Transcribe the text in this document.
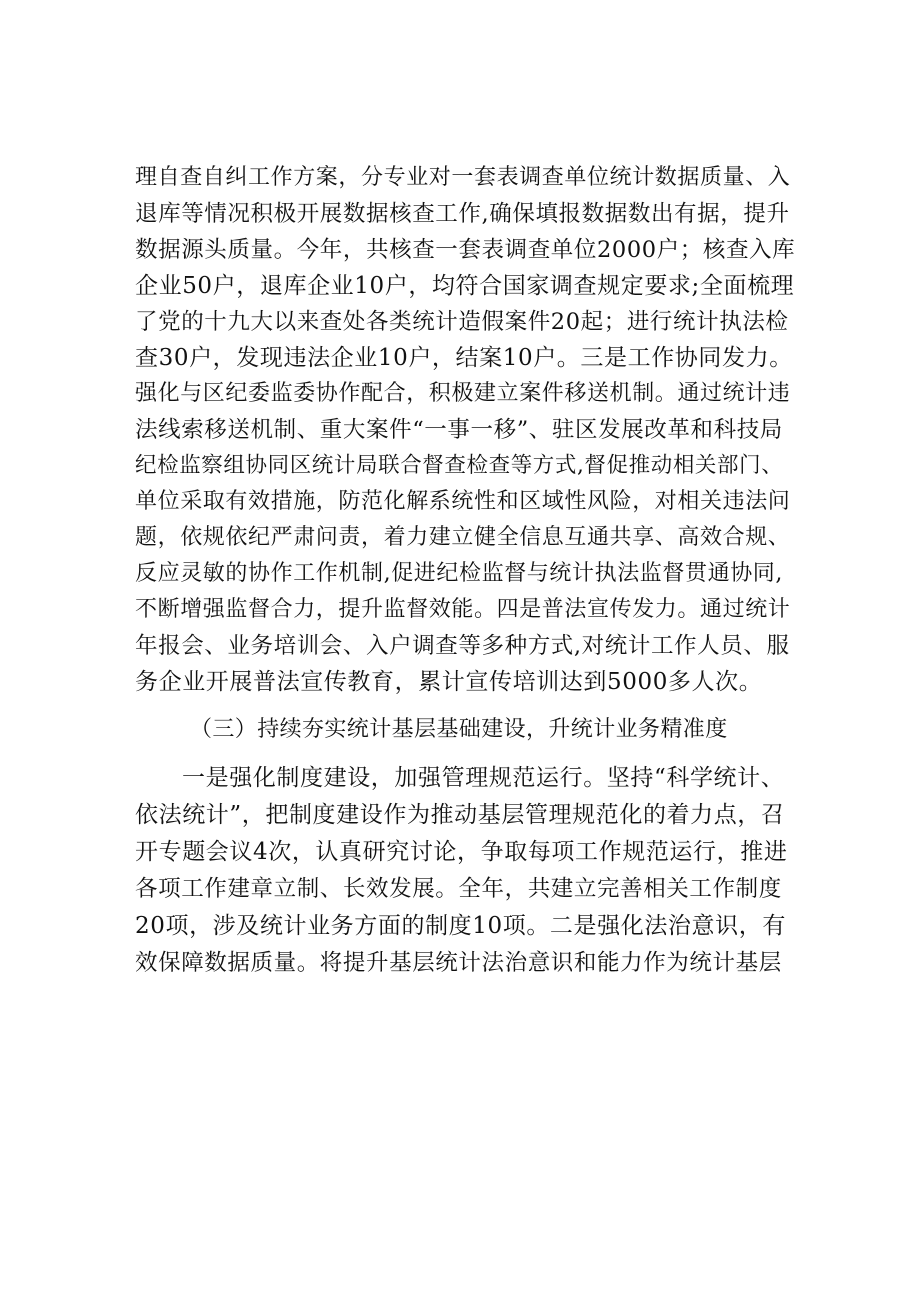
理自查自纠工作方案，分专业对一套表调查单位统计数据质量、入
退库等情况积极开展数据核查工作,确保填报数据数出有据，提升
数据源头质量。今年，共核查一套表调查单位2000户；核查入库
企业50户，退库企业10户，均符合国家调查规定要求;全面梳理
了党的十九大以来查处各类统计造假案件20起；进行统计执法检
查30户，发现违法企业10户，结案10户。三是工作协同发力。
强化与区纪委监委协作配合，积极建立案件移送机制。通过统计违
法线索移送机制、重大案件“一事一移”、驻区发展改革和科技局
纪检监察组协同区统计局联合督查检查等方式,督促推动相关部门、
单位采取有效措施，防范化解系统性和区域性风险，对相关违法问
题，依规依纪严肃问责，着力建立健全信息互通共享、高效合规、
反应灵敏的协作工作机制,促进纪检监督与统计执法监督贯通协同,
不断增强监督合力，提升监督效能。四是普法宣传发力。通过统计
年报会、业务培训会、入户调查等多种方式,对统计工作人员、服
务企业开展普法宣传教育，累计宣传培训达到5000多人次。
（三）持续夯实统计基层基础建设，升统计业务精准度
一是强化制度建设，加强管理规范运行。坚持“科学统计、
依法统计”，把制度建设作为推动基层管理规范化的着力点，召
开专题会议4次，认真研究讨论，争取每项工作规范运行，推进
各项工作建章立制、长效发展。全年，共建立完善相关工作制度
20项，涉及统计业务方面的制度10项。二是强化法治意识，有
效保障数据质量。将提升基层统计法治意识和能力作为统计基层
